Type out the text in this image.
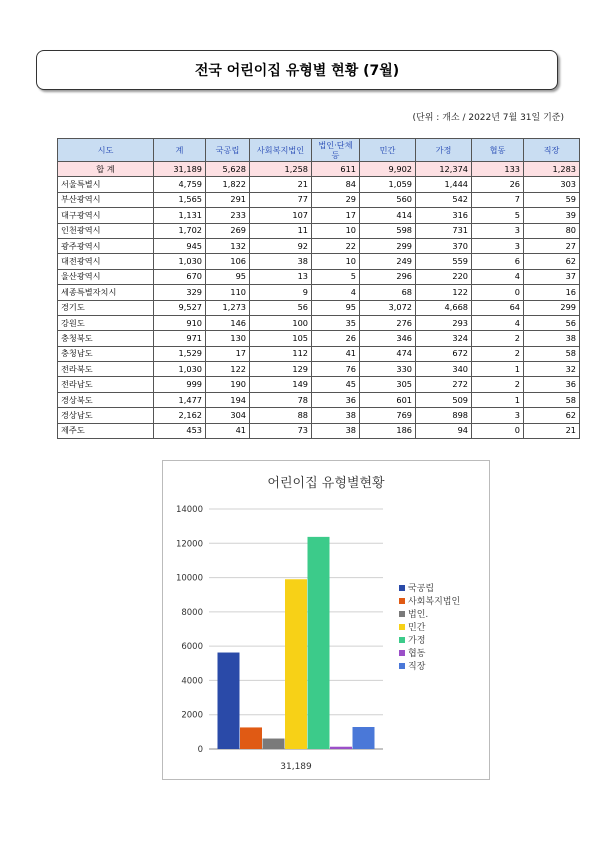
전국 어린이집 유형별 현황 (7월)
(단위 : 개소 / 2022년 7월 31일 기준)
시도	계	국공립	사회복지법인	법인·단체등	민간	가정	협동	직장
합 계	31,189	5,628	1,258	611	9,902	12,374	133	1,283
서울특별시	4,759	1,822	21	84	1,059	1,444	26	303
부산광역시	1,565	291	77	29	560	542	7	59
대구광역시	1,131	233	107	17	414	316	5	39
인천광역시	1,702	269	11	10	598	731	3	80
광주광역시	945	132	92	22	299	370	3	27
대전광역시	1,030	106	38	10	249	559	6	62
울산광역시	670	95	13	5	296	220	4	37
세종특별자치시	329	110	9	4	68	122	0	16
경기도	9,527	1,273	56	95	3,072	4,668	64	299
강원도	910	146	100	35	276	293	4	56
충청북도	971	130	105	26	346	324	2	38
충청남도	1,529	17	112	41	474	672	2	58
전라북도	1,030	122	129	76	330	340	1	32
전라남도	999	190	149	45	305	272	2	36
경상북도	1,477	194	78	36	601	509	1	58
경상남도	2,162	304	88	38	769	898	3	62
제주도	453	41	73	38	186	94	0	21
어린이집 유형별현황
0
2000
4000
6000
8000
10000
12000
14000
31,189
국공립
사회복지법인
법인.
민간
가정
협동
직장
